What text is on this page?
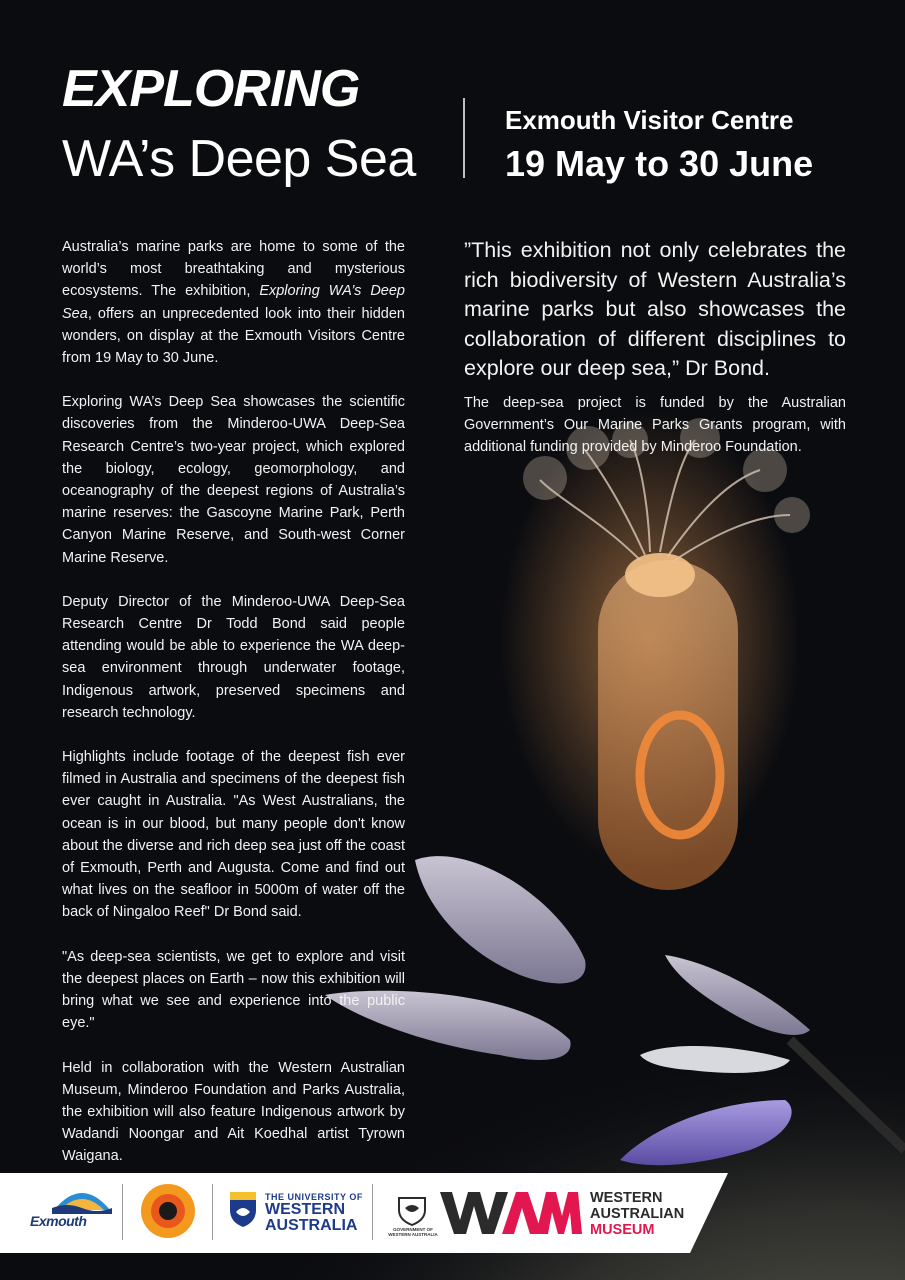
EXPLORING
WA’s Deep Sea
Exmouth Visitor Centre
19 May to 30 June

Australia’s marine parks are home to some of the world’s most breathtaking and mysterious ecosystems. The exhibition, Exploring WA’s Deep Sea, offers an unprecedented look into their hidden wonders, on display at the Exmouth Visitors Centre from 19 May to 30 June.

Exploring WA’s Deep Sea showcases the scientific discoveries from the Minderoo-UWA Deep-Sea Research Centre’s two-year project, which explored the biology, ecology, geomorphology, and oceanography of the deepest regions of Australia’s marine reserves: the Gascoyne Marine Park, Perth Canyon Marine Reserve, and South-west Corner Marine Reserve.

Deputy Director of the Minderoo-UWA Deep-Sea Research Centre Dr Todd Bond said people attending would be able to experience the WA deep-sea environment through underwater footage, Indigenous artwork, preserved specimens and research technology.

Highlights include footage of the deepest fish ever filmed in Australia and specimens of the deepest fish ever caught in Australia. "As West Australians, the ocean is in our blood, but many people don't know about the diverse and rich deep sea just off the coast of Exmouth, Perth and Augusta. Come and find out what lives on the seafloor in 5000m of water off the back of Ningaloo Reef" Dr Bond said.

"As deep-sea scientists, we get to explore and visit the deepest places on Earth – now this exhibition will bring what we see and experience into the public eye."

Held in collaboration with the Western Australian Museum, Minderoo Foundation and Parks Australia, the exhibition will also feature Indigenous artwork by Wadandi Noongar and Ait Koedhal artist Tyrown Waigana.

”This exhibition not only celebrates the rich biodiversity of Western Australia’s marine parks but also showcases the collaboration of different disciplines to explore our deep sea,” Dr Bond.
The deep-sea project is funded by the Australian Government’s Our Marine Parks Grants program, with additional funding provided by Minderoo Foundation.
Exmouth
THE UNIVERSITY OF
WESTERN
AUSTRALIA	GOVERNMENT OF WESTERN AUSTRALIA
WESTERN
AUSTRALIAN
MUSEUM
